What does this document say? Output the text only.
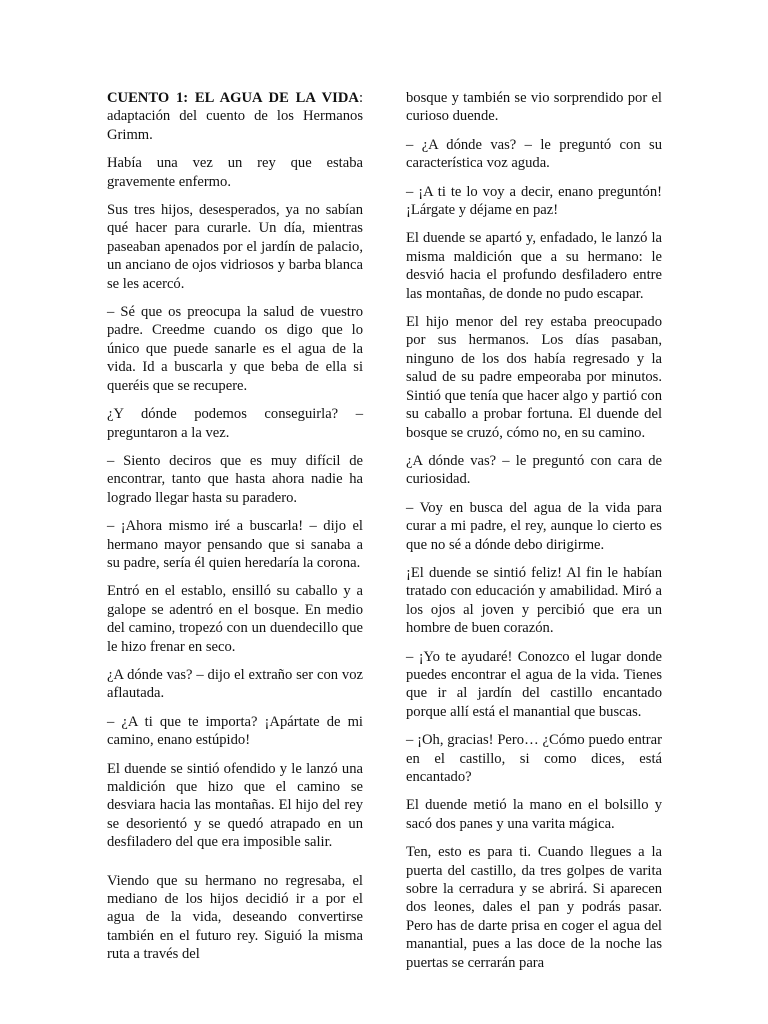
CUENTO 1: EL AGUA DE LA VIDA: adaptación del cuento de los Hermanos Grimm.

Había una vez un rey que estaba gravemente enfermo.

Sus tres hijos, desesperados, ya no sabían qué hacer para curarle. Un día, mientras paseaban apenados por el jardín de palacio, un anciano de ojos vidriosos y barba blanca se les acercó.

– Sé que os preocupa la salud de vuestro padre. Creedme cuando os digo que lo único que puede sanarle es el agua de la vida. Id a buscarla y que beba de ella si queréis que se recupere.

¿Y dónde podemos conseguirla? – preguntaron a la vez.

– Siento deciros que es muy difícil de encontrar, tanto que hasta ahora nadie ha logrado llegar hasta su paradero.

– ¡Ahora mismo iré a buscarla! – dijo el hermano mayor pensando que si sanaba a su padre, sería él quien heredaría la corona.

Entró en el establo, ensilló su caballo y a galope se adentró en el bosque. En medio del camino, tropezó con un duendecillo que le hizo frenar en seco.

¿A dónde vas? – dijo el extraño ser con voz aflautada.

– ¿A ti que te importa? ¡Apártate de mi camino, enano estúpido!

El duende se sintió ofendido y le lanzó una maldición que hizo que el camino se desviara hacia las montañas. El hijo del rey se desorientó y se quedó atrapado en un desfiladero del que era imposible salir.

Viendo que su hermano no regresaba, el mediano de los hijos decidió ir a por el agua de la vida, deseando convertirse también en el futuro rey. Siguió la misma ruta a través del

bosque y también se vio sorprendido por el curioso duende.

– ¿A dónde vas? – le preguntó con su característica voz aguda.

– ¡A ti te lo voy a decir, enano preguntón! ¡Lárgate y déjame en paz!

El duende se apartó y, enfadado, le lanzó la misma maldición que a su hermano: le desvió hacia el profundo desfiladero entre las montañas, de donde no pudo escapar.

El hijo menor del rey estaba preocupado por sus hermanos. Los días pasaban, ninguno de los dos había regresado y la salud de su padre empeoraba por minutos. Sintió que tenía que hacer algo y partió con su caballo a probar fortuna. El duende del bosque se cruzó, cómo no, en su camino.

¿A dónde vas? – le preguntó con cara de curiosidad.

– Voy en busca del agua de la vida para curar a mi padre, el rey, aunque lo cierto es que no sé a dónde debo dirigirme.

¡El duende se sintió feliz! Al fin le habían tratado con educación y amabilidad. Miró a los ojos al joven y percibió que era un hombre de buen corazón.

– ¡Yo te ayudaré! Conozco el lugar donde puedes encontrar el agua de la vida. Tienes que ir al jardín del castillo encantado porque allí está el manantial que buscas.

– ¡Oh, gracias! Pero… ¿Cómo puedo entrar en el castillo, si como dices, está encantado?

El duende metió la mano en el bolsillo y sacó dos panes y una varita mágica.

Ten, esto es para ti. Cuando llegues a la puerta del castillo, da tres golpes de varita sobre la cerradura y se abrirá. Si aparecen dos leones, dales el pan y podrás pasar. Pero has de darte prisa en coger el agua del manantial, pues a las doce de la noche las puertas se cerrarán para
